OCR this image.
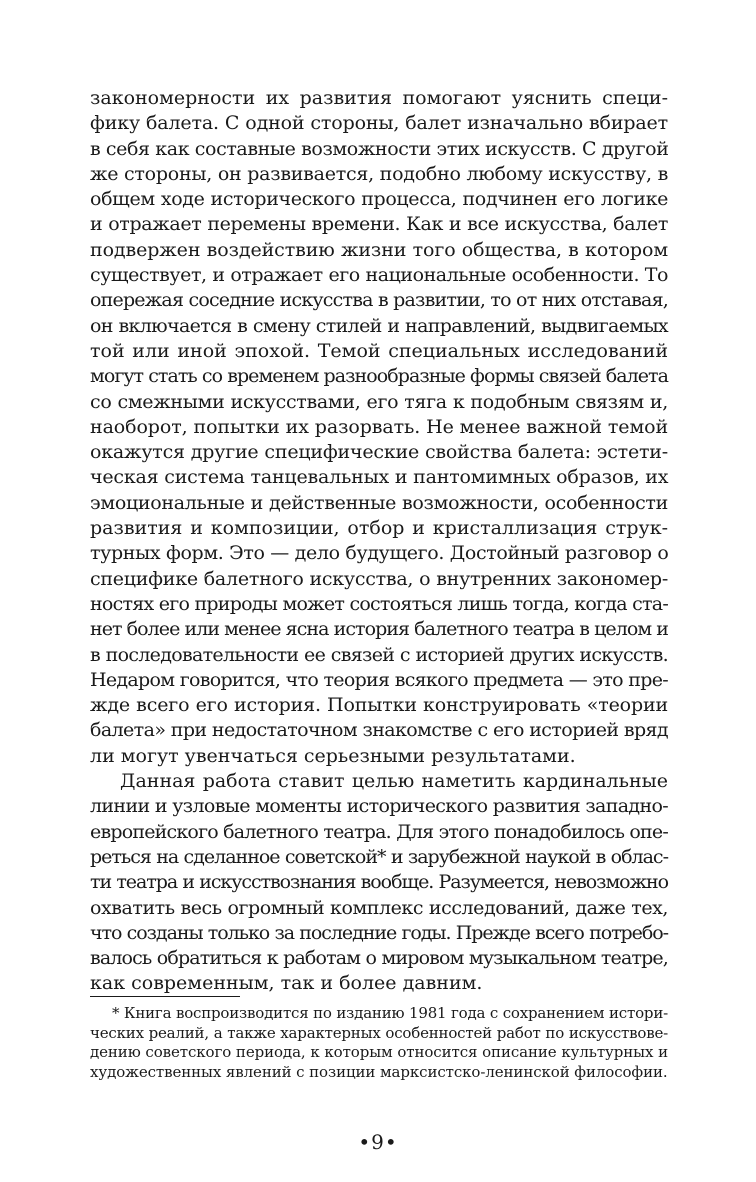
закономерности их развития помогают уяснить специ-
фику балета. С одной стороны, балет изначально вбирает
в себя как составные возможности этих искусств. С другой
же стороны, он развивается, подобно любому искусству, в
общем ходе исторического процесса, подчинен его логике
и отражает перемены времени. Как и все искусства, балет
подвержен воздействию жизни того общества, в котором
существует, и отражает его национальные особенности. То
опережая соседние искусства в развитии, то от них отставая,
он включается в смену стилей и направлений, выдвигаемых
той или иной эпохой. Темой специальных исследований
могут стать со временем разнообразные формы связей балета
со смежными искусствами, его тяга к подобным связям и,
наоборот, попытки их разорвать. Не менее важной темой
окажутся другие специфические свойства балета: эстети-
ческая система танцевальных и пантомимных образов, их
эмоциональные и действенные возможности, особенности
развития и композиции, отбор и кристаллизация струк-
турных форм. Это — дело будущего. Достойный разговор о
специфике балетного искусства, о внутренних закономер-
ностях его природы может состояться лишь тогда, когда ста-
нет более или менее ясна история балетного театра в целом и
в последовательности ее связей с историей других искусств.
Недаром говорится, что теория всякого предмета — это пре-
жде всего его история. Попытки конструировать «теории
балета» при недостаточном знакомстве с его историей вряд
ли могут увенчаться серьезными результатами.
Данная работа ставит целью наметить кардинальные
линии и узловые моменты исторического развития западно-
европейского балетного театра. Для этого понадобилось опе-
реться на сделанное советской* и зарубежной наукой в облас-
ти театра и искусствознания вообще. Разумеется, невозможно
охватить весь огромный комплекс исследований, даже тех,
что созданы только за последние годы. Прежде всего потребо-
валось обратиться к работам о мировом музыкальном театре,
как современным, так и более давним.
* Книга воспроизводится по изданию 1981 года с сохранением истори-
ческих реалий, а также характерных особенностей работ по искусствове-
дению советского периода, к которым относится описание культурных и
художественных явлений с позиции марксистско-ленинской философии.
•9•
